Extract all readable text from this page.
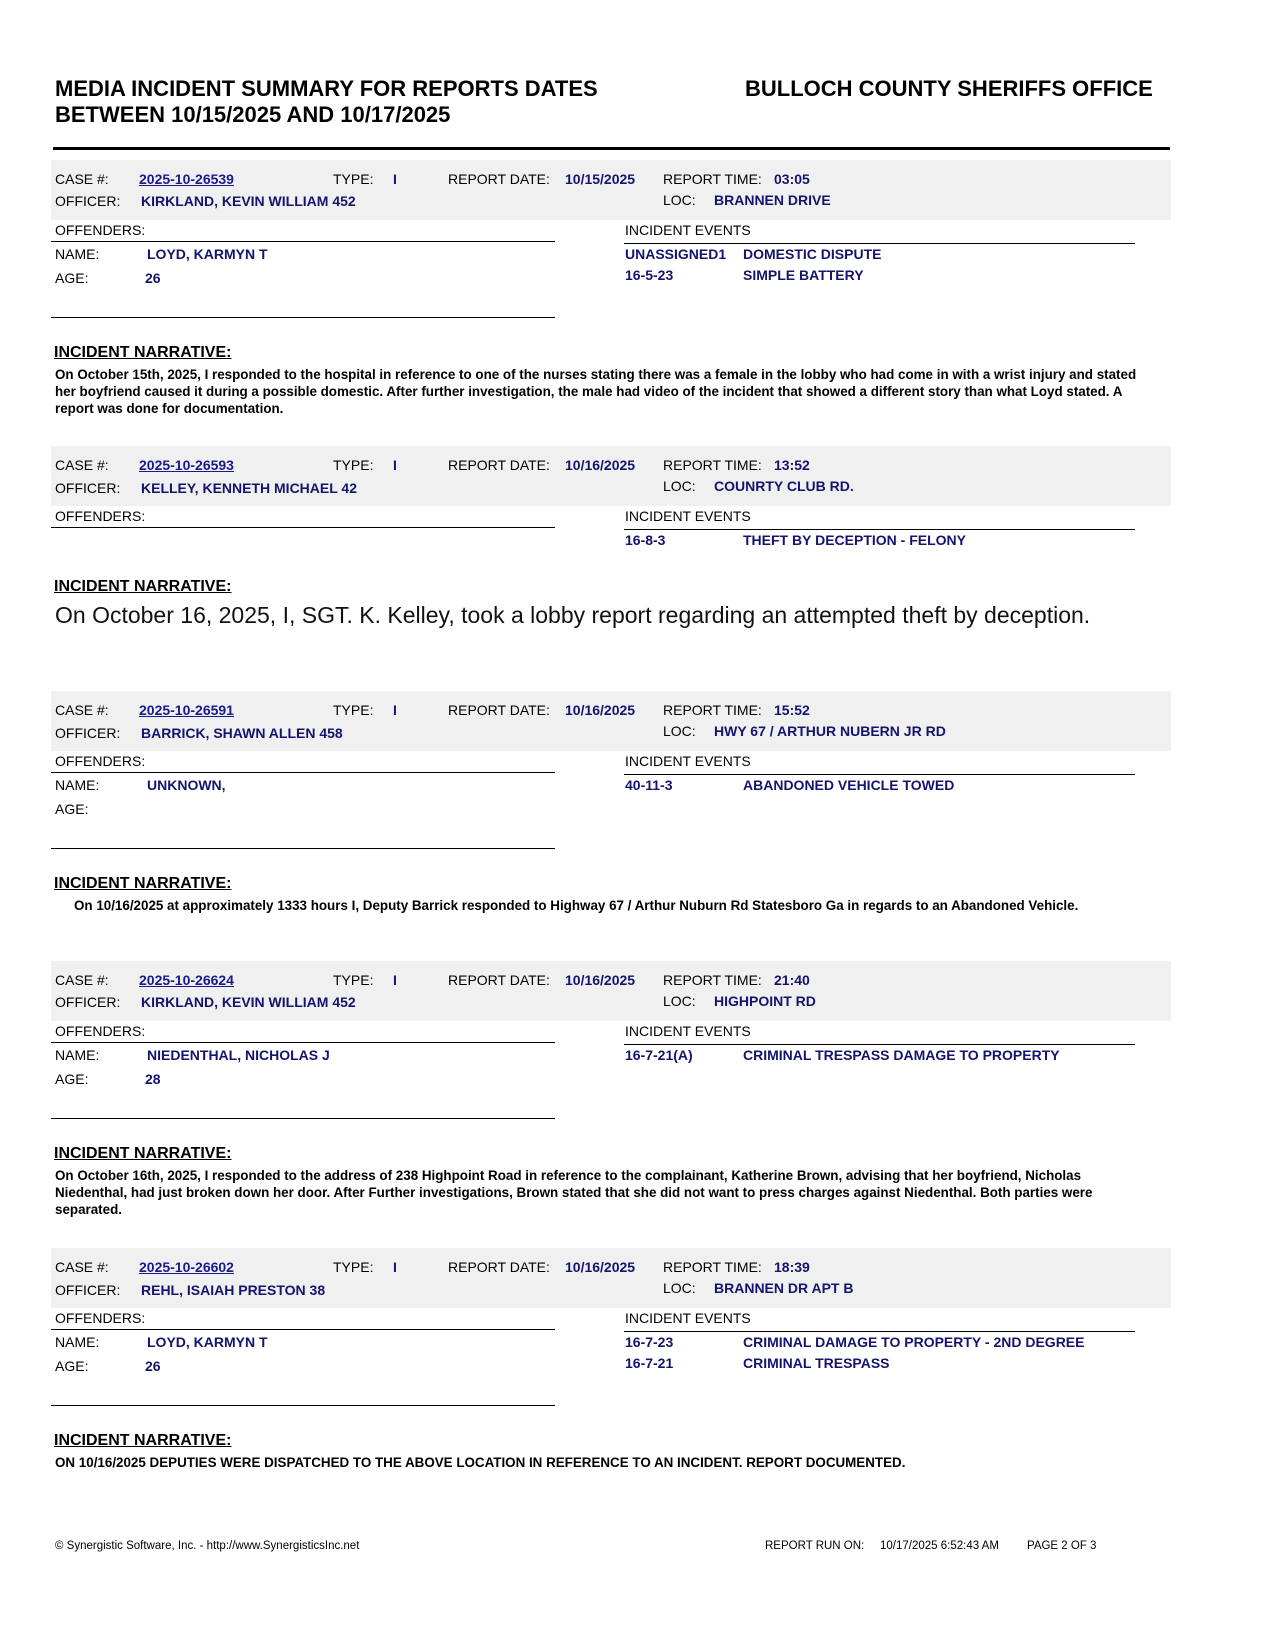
MEDIA INCIDENT SUMMARY FOR REPORTS DATES
BETWEEN 10/15/2025 AND 10/17/2025
BULLOCH COUNTY SHERIFFS OFFICE
CASE #: 2025-10-26539	TYPE: I	REPORT DATE: 10/15/2025 REPORT TIME: 03:05
OFFICER: KIRKLAND, KEVIN WILLIAM 452	LOC: BRANNEN DRIVE
OFFENDERS:	INCIDENT EVENTS
NAME:	LOYD, KARMYN T
AGE:	26
UNASSIGNED1 DOMESTIC DISPUTE
16-5-23	SIMPLE BATTERY
INCIDENT NARRATIVE:
On October 15th, 2025, I responded to the hospital in reference to one of the nurses stating there was a female in the lobby who had come in with a wrist injury and stated her boyfriend caused it during a possible domestic. After further investigation, the male had video of the incident that showed a different story than what Loyd stated. A report was done for documentation.
CASE #: 2025-10-26593	TYPE: I	REPORT DATE: 10/16/2025 REPORT TIME: 13:52
OFFICER: KELLEY, KENNETH MICHAEL 42	LOC: COUNRTY CLUB RD.
OFFENDERS:	INCIDENT EVENTS
16-8-3	THEFT BY DECEPTION - FELONY
INCIDENT NARRATIVE:
On October 16, 2025, I, SGT. K. Kelley, took a lobby report regarding an attempted theft by deception.
CASE #: 2025-10-26591	TYPE: I	REPORT DATE: 10/16/2025 REPORT TIME: 15:52
OFFICER: BARRICK, SHAWN ALLEN 458	LOC: HWY 67 / ARTHUR NUBERN JR RD
OFFENDERS:	INCIDENT EVENTS
NAME:	UNKNOWN,
AGE:
40-11-3	ABANDONED VEHICLE TOWED
INCIDENT NARRATIVE:
On 10/16/2025 at approximately 1333 hours I, Deputy Barrick responded to Highway 67 / Arthur Nuburn Rd Statesboro Ga in regards to an Abandoned Vehicle.
CASE #: 2025-10-26624	TYPE: I	REPORT DATE: 10/16/2025 REPORT TIME: 21:40
OFFICER: KIRKLAND, KEVIN WILLIAM 452	LOC: HIGHPOINT RD
OFFENDERS:	INCIDENT EVENTS
NAME:	NIEDENTHAL, NICHOLAS J
AGE:	28
16-7-21(A)	CRIMINAL TRESPASS DAMAGE TO PROPERTY
INCIDENT NARRATIVE:
On October 16th, 2025, I responded to the address of 238 Highpoint Road in reference to the complainant, Katherine Brown, advising that her boyfriend, Nicholas Niedenthal, had just broken down her door. After Further investigations, Brown stated that she did not want to press charges against Niedenthal. Both parties were separated.
CASE #: 2025-10-26602	TYPE: I	REPORT DATE: 10/16/2025 REPORT TIME: 18:39
OFFICER: REHL, ISAIAH PRESTON 38	LOC: BRANNEN DR APT B
OFFENDERS:	INCIDENT EVENTS
NAME:	LOYD, KARMYN T
AGE:	26
16-7-23	CRIMINAL DAMAGE TO PROPERTY - 2ND DEGREE
16-7-21	CRIMINAL TRESPASS
INCIDENT NARRATIVE:
ON 10/16/2025 DEPUTIES WERE DISPATCHED TO THE ABOVE LOCATION IN REFERENCE TO AN INCIDENT. REPORT DOCUMENTED.
© Synergistic Software, Inc. - http://www.SynergisticsInc.net	REPORT RUN ON: 10/17/2025 6:52:43 AM PAGE 2 OF 3
